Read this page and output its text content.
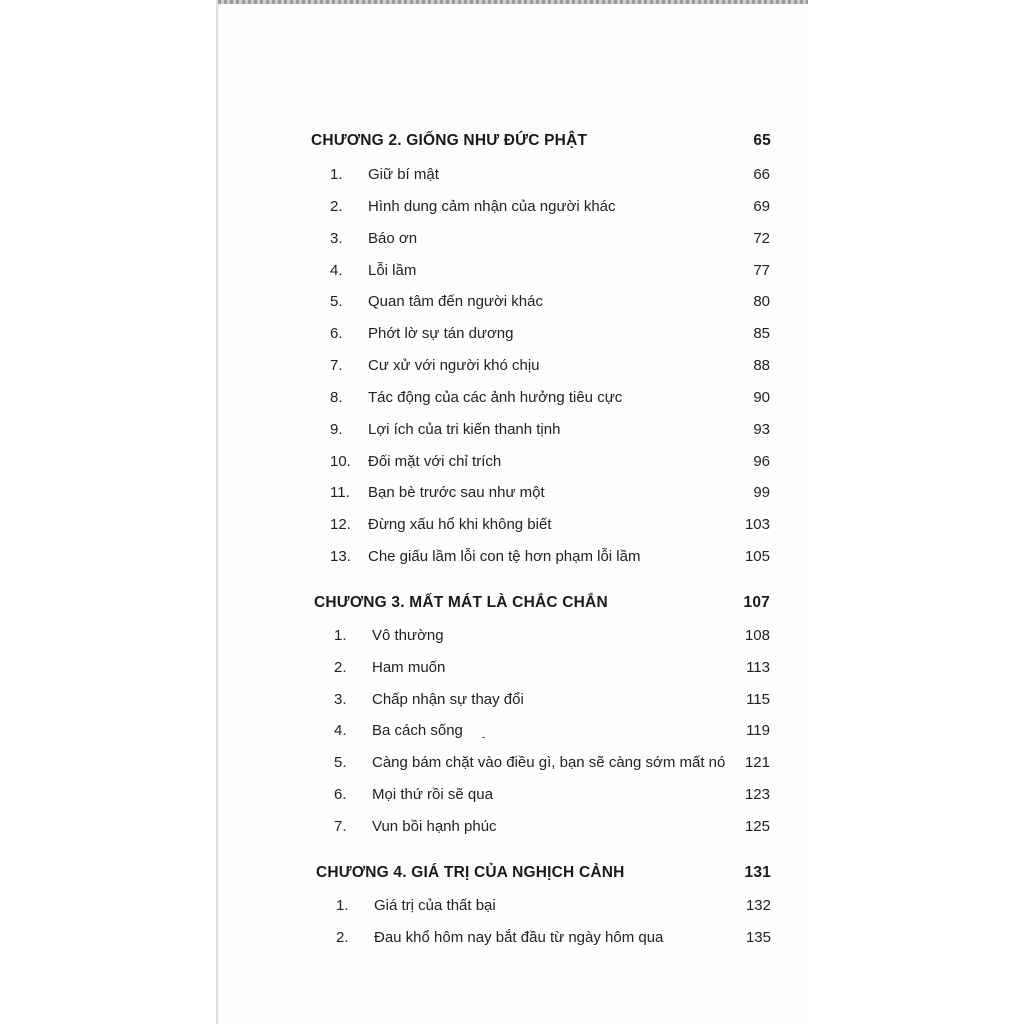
CHƯƠNG 2. GIỐNG NHƯ ĐỨC PHẬT	65
1.	Giữ bí mật	66
2.	Hình dung cảm nhận của người khác	69
3.	Báo ơn	72
4.	Lỗi lầm	77
5.	Quan tâm đến người khác	80
6.	Phớt lờ sự tán dương	85
7.	Cư xử với người khó chịu	88
8.	Tác động của các ảnh hưởng tiêu cực	90
9.	Lợi ích của tri kiến thanh tịnh	93
10.	Đối mặt với chỉ trích	96
11.	Bạn bè trước sau như một	99
12.	Đừng xấu hổ khi không biết	103
13.	Che giấu lầm lỗi con tệ hơn phạm lỗi lầm	105
CHƯƠNG 3. MẤT MÁT LÀ CHẮC CHẮN	107
1.	Vô thường	108
2.	Ham muốn	113
3.	Chấp nhận sự thay đổi	115
4.	Ba cách sống	119
5.	Càng bám chặt vào điều gì, bạn sẽ càng sớm mất nó 121
6.	Mọi thứ rồi sẽ qua	123
7.	Vun bồi hạnh phúc	125
CHƯƠNG 4. GIÁ TRỊ CỦA NGHỊCH CẢNH	131
1.	Giá trị của thất bại	132
2.	Đau khổ hôm nay bắt đầu từ ngày hôm qua	135
